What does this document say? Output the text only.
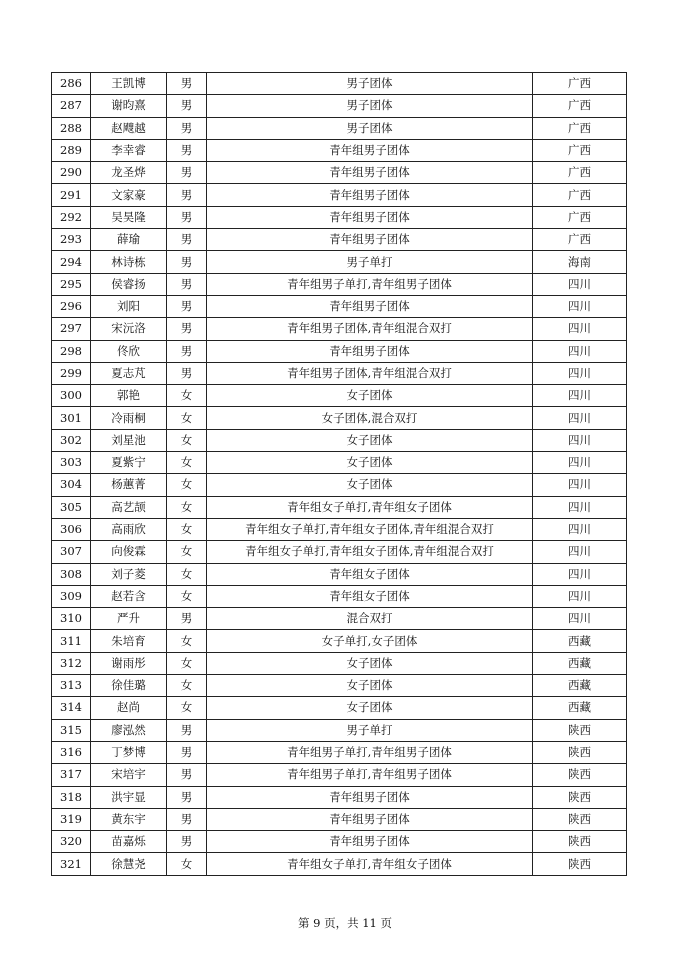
286	王凯博	男	男子团体	广西
287	谢昀熹	男	男子团体	广西
288	赵飕越	男	男子团体	广西
289	李幸睿	男	青年组男子团体	广西
290	龙圣烨	男	青年组男子团体	广西
291	文家豪	男	青年组男子团体	广西
292	吴昊隆	男	青年组男子团体	广西
293	薛瑜	男	青年组男子团体	广西
294	林诗栋	男	男子单打	海南
295	侯睿扬	男	青年组男子单打,青年组男子团体	四川
296	刘阳	男	青年组男子团体	四川
297	宋沅洛	男	青年组男子团体,青年组混合双打	四川
298	佟欣	男	青年组男子团体	四川
299	夏志芃	男	青年组男子团体,青年组混合双打	四川
300	郭艳	女	女子团体	四川
301	冷雨桐	女	女子团体,混合双打	四川
302	刘星池	女	女子团体	四川
303	夏紫宁	女	女子团体	四川
304	杨蕙菁	女	女子团体	四川
305	高艺颉	女	青年组女子单打,青年组女子团体	四川
306	高雨欣	女	青年组女子单打,青年组女子团体,青年组混合双打	四川
307	向俊霖	女	青年组女子单打,青年组女子团体,青年组混合双打	四川
308	刘子菱	女	青年组女子团体	四川
309	赵若含	女	青年组女子团体	四川
310	严升	男	混合双打	四川
311	朱培育	女	女子单打,女子团体	西藏
312	谢雨彤	女	女子团体	西藏
313	徐佳璐	女	女子团体	西藏
314	赵尚	女	女子团体	西藏
315	廖泓然	男	男子单打	陕西
316	丁梦博	男	青年组男子单打,青年组男子团体	陕西
317	宋培宇	男	青年组男子单打,青年组男子团体	陕西
318	洪宇显	男	青年组男子团体	陕西
319	黄东宇	男	青年组男子团体	陕西
320	苗嘉烁	男	青年组男子团体	陕西
321	徐慧尧	女	青年组女子单打,青年组女子团体	陕西
第 9 页，共 11 页
